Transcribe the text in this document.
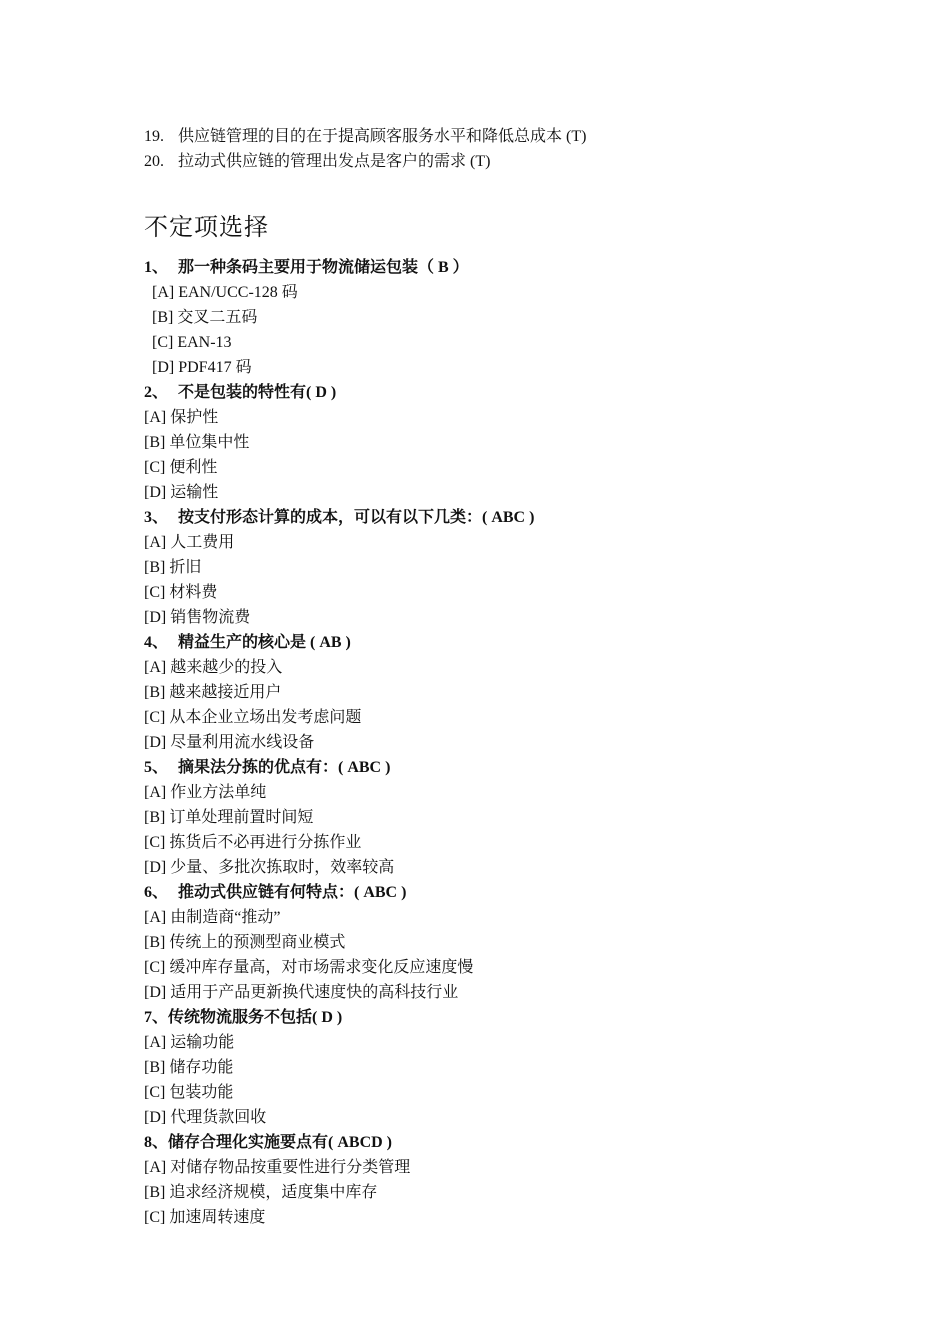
19. 供应链管理的目的在于提高顾客服务水平和降低总成本 (T)
20. 拉动式供应链的管理出发点是客户的需求 (T)
不定项选择
1、 那一种条码主要用于物流储运包装（ B ）
[A] EAN/UCC-128 码
[B] 交叉二五码
[C] EAN-13
[D] PDF417 码
2、 不是包装的特性有( D )
[A] 保护性
[B] 单位集中性
[C] 便利性
[D] 运输性
3、 按支付形态计算的成本，可以有以下几类：( ABC )
[A] 人工费用
[B] 折旧
[C] 材料费
[D] 销售物流费
4、 精益生产的核心是 ( AB )
[A] 越来越少的投入
[B] 越来越接近用户
[C] 从本企业立场出发考虑问题
[D] 尽量利用流水线设备
5、 摘果法分拣的优点有：( ABC )
[A] 作业方法单纯
[B] 订单处理前置时间短
[C] 拣货后不必再进行分拣作业
[D] 少量、多批次拣取时，效率较高
6、 推动式供应链有何特点：( ABC )
[A] 由制造商“推动”
[B] 传统上的预测型商业模式
[C] 缓冲库存量高，对市场需求变化反应速度慢
[D] 适用于产品更新换代速度快的高科技行业
7、传统物流服务不包括( D )
[A] 运输功能
[B] 储存功能
[C] 包装功能
[D] 代理货款回收
8、储存合理化实施要点有( ABCD )
[A] 对储存物品按重要性进行分类管理
[B] 追求经济规模，适度集中库存
[C] 加速周转速度
